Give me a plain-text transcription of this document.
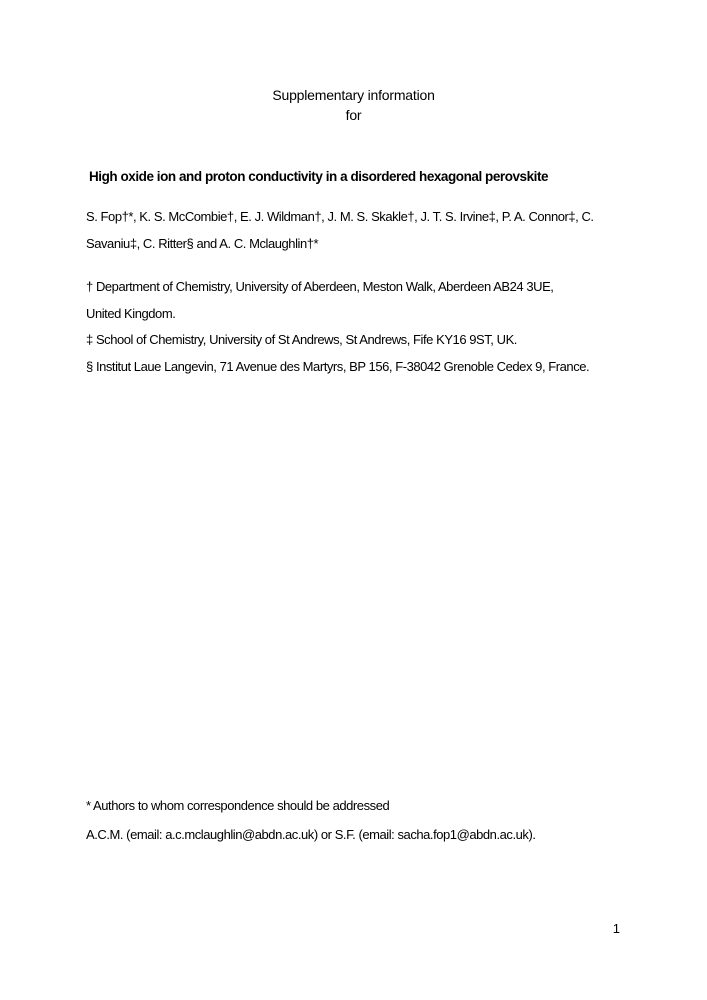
Supplementary information
for
High oxide ion and proton conductivity in a disordered hexagonal perovskite
S. Fop†*, K. S. McCombie†, E. J. Wildman†, J. M. S. Skakle†, J. T. S. Irvine‡, P. A. Connor‡, C.
Savaniu‡, C. Ritter§ and A. C. Mclaughlin†*
† Department of Chemistry, University of Aberdeen, Meston Walk, Aberdeen AB24 3UE,
United Kingdom.
‡ School of Chemistry, University of St Andrews, St Andrews, Fife KY16 9ST, UK.
§ Institut Laue Langevin, 71 Avenue des Martyrs, BP 156, F-38042 Grenoble Cedex 9, France.
* Authors to whom correspondence should be addressed
A.C.M. (email: a.c.mclaughlin@abdn.ac.uk) or S.F. (email: sacha.fop1@abdn.ac.uk).
1
